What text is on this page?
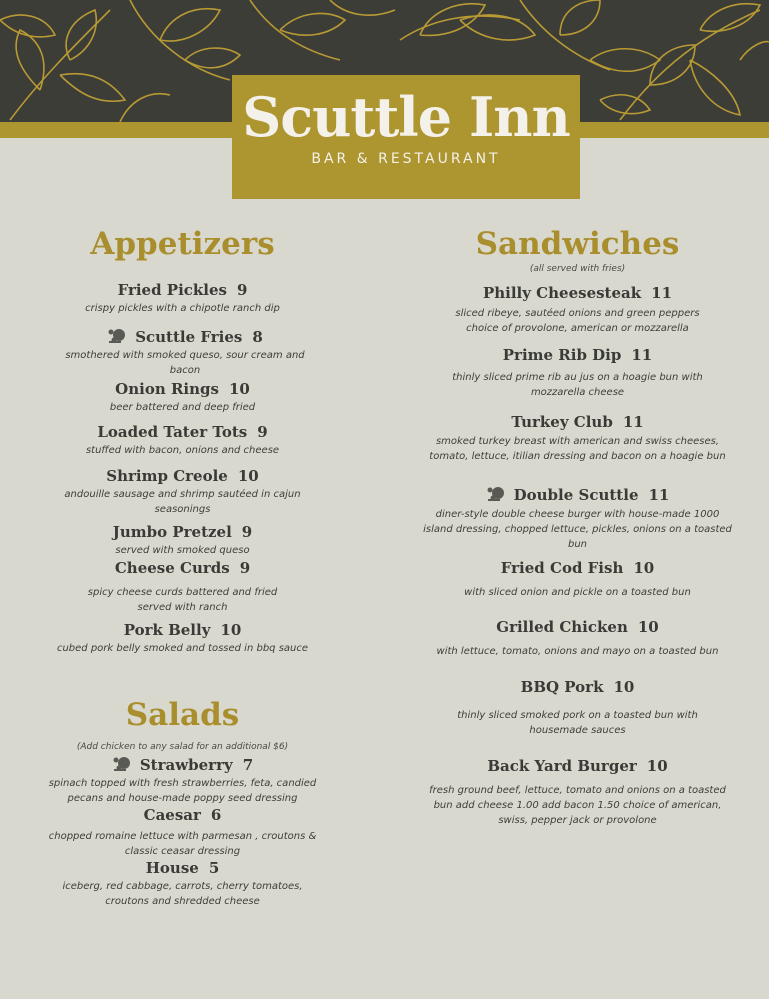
Scuttle Inn
BAR & RESTAURANT
Appetizers
Fried Pickles 9
crispy pickles with a chipotle ranch dip
Scuttle Fries 8
smothered with smoked queso, sour cream and bacon
Onion Rings 10
beer battered and deep fried
Loaded Tater Tots 9
stuffed with bacon, onions and cheese
Shrimp Creole 10
andouille sausage and shrimp sautéed in cajun seasonings
Jumbo Pretzel 9
served with smoked queso
Cheese Curds 9
spicy cheese curds battered and fried served with ranch
Pork Belly 10
cubed pork belly smoked and tossed in bbq sauce
Salads
(Add chicken to any salad for an additional $6)
Strawberry 7
spinach topped with fresh strawberries, feta, candied pecans and house-made poppy seed dressing
Caesar 6
chopped romaine lettuce with parmesan , croutons & classic ceasar dressing
House 5
iceberg, red cabbage, carrots, cherry tomatoes, croutons and shredded cheese
Sandwiches
(all served with fries)
Philly Cheesesteak 11
sliced ribeye, sautéed onions and green peppers choice of provolone, american or mozzarella
Prime Rib Dip 11
thinly sliced prime rib au jus on a hoagie bun with mozzarella cheese
Turkey Club 11
smoked turkey breast with american and swiss cheeses, tomato, lettuce, itilian dressing and bacon on a hoagie bun
Double Scuttle 11
diner-style double cheese burger with house-made 1000 island dressing, chopped lettuce, pickles, onions on a toasted bun
Fried Cod Fish 10
with sliced onion and pickle on a toasted bun
Grilled Chicken 10
with lettuce, tomato, onions and mayo on a toasted bun
BBQ Pork 10
thinly sliced smoked pork on a toasted bun with housemade sauces
Back Yard Burger 10
fresh ground beef, lettuce, tomato and onions on a toasted bun add cheese 1.00 add bacon 1.50 choice of american, swiss, pepper jack or provolone
